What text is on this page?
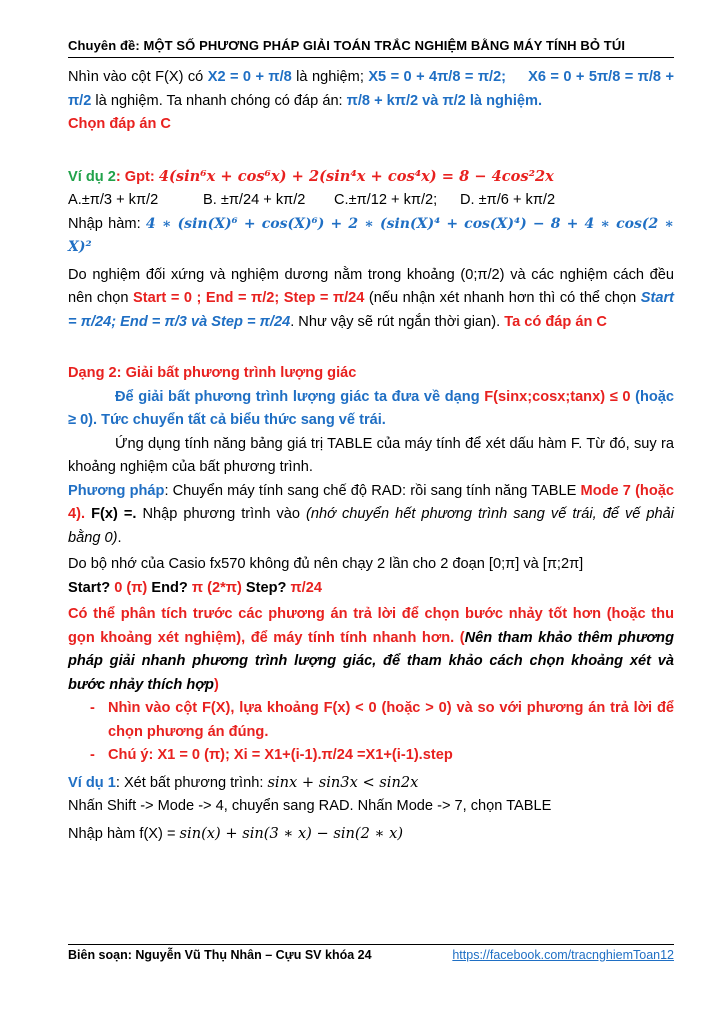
Chuyên đề: MỘT SỐ PHƯƠNG PHÁP GIẢI TOÁN TRẮC NGHIỆM BẰNG MÁY TÍNH BỎ TÚI

Nhìn vào cột F(X) có X2 = 0 + π/8 là nghiệm; X5 = 0 + 4π/8 = π/2; X6 = 0 + 5π/8 = π/8 + π/2 là nghiệm. Ta nhanh chóng có đáp án: π/8 + kπ/2 và π/2 là nghiệm.

Chọn đáp án C

Ví dụ 2: Gpt: 4(sin⁶x + cos⁶x) + 2(sin⁴x + cos⁴x) = 8 − 4cos²2x

A.±π/3 + kπ/2	B. ±π/24 + kπ/2	C.±π/12 + kπ/2;	D. ±π/6 + kπ/2

Nhập hàm: 4 ∗ (sin(X)⁶ + cos(X)⁶) + 2 ∗ (sin(X)⁴ + cos(X)⁴) − 8 + 4 ∗ cos(2 ∗ X)²

Do nghiệm đối xứng và nghiệm dương nằm trong khoảng (0;π/2) và các nghiệm cách đều nên chọn Start = 0 ; End = π/2; Step = π/24 (nếu nhận xét nhanh hơn thì có thể chọn Start = π/24; End = π/3 và Step = π/24. Như vậy sẽ rút ngắn thời gian). Ta có đáp án C

Dạng 2: Giải bất phương trình lượng giác

Để giải bất phương trình lượng giác ta đưa về dạng F(sinx;cosx;tanx) ≤ 0 (hoặc ≥ 0). Tức chuyển tất cả biểu thức sang vế trái.

Ứng dụng tính năng bảng giá trị TABLE của máy tính để xét dấu hàm F. Từ đó, suy ra khoảng nghiệm của bất phương trình.

Phương pháp: Chuyển máy tính sang chế độ RAD: rồi sang tính năng TABLE Mode 7 (hoặc 4). F(x) =. Nhập phương trình vào (nhớ chuyển hết phương trình sang vế trái, để vế phải bằng 0).

Do bộ nhớ của Casio fx570 không đủ nên chạy 2 lần cho 2 đoạn [0;π] và [π;2π]

Start? 0 (π) End? π (2*π) Step? π/24

Có thể phân tích trước các phương án trả lời để chọn bước nhảy tốt hơn (hoặc thu gọn khoảng xét nghiệm), để máy tính tính nhanh hơn. (Nên tham khảo thêm phương pháp giải nhanh phương trình lượng giác, để tham khảo cách chọn khoảng xét và bước nhảy thích hợp)

- Nhìn vào cột F(X), lựa khoảng F(x) < 0 (hoặc > 0) và so với phương án trả lời để chọn phương án đúng.
- Chú ý: X1 = 0 (π); Xi = X1+(i-1).π/24 =X1+(i-1).step

Ví dụ 1: Xét bất phương trình: sinx + sin3x < sin2x

Nhấn Shift -> Mode -> 4, chuyển sang RAD. Nhấn Mode -> 7, chọn TABLE

Nhập hàm f(X) = sin(x) + sin(3 ∗ x) − sin(2 ∗ x)

Biên soạn: Nguyễn Vũ Thụ Nhân – Cựu SV khóa 24	https://facebook.com/tracnghiemToan12
